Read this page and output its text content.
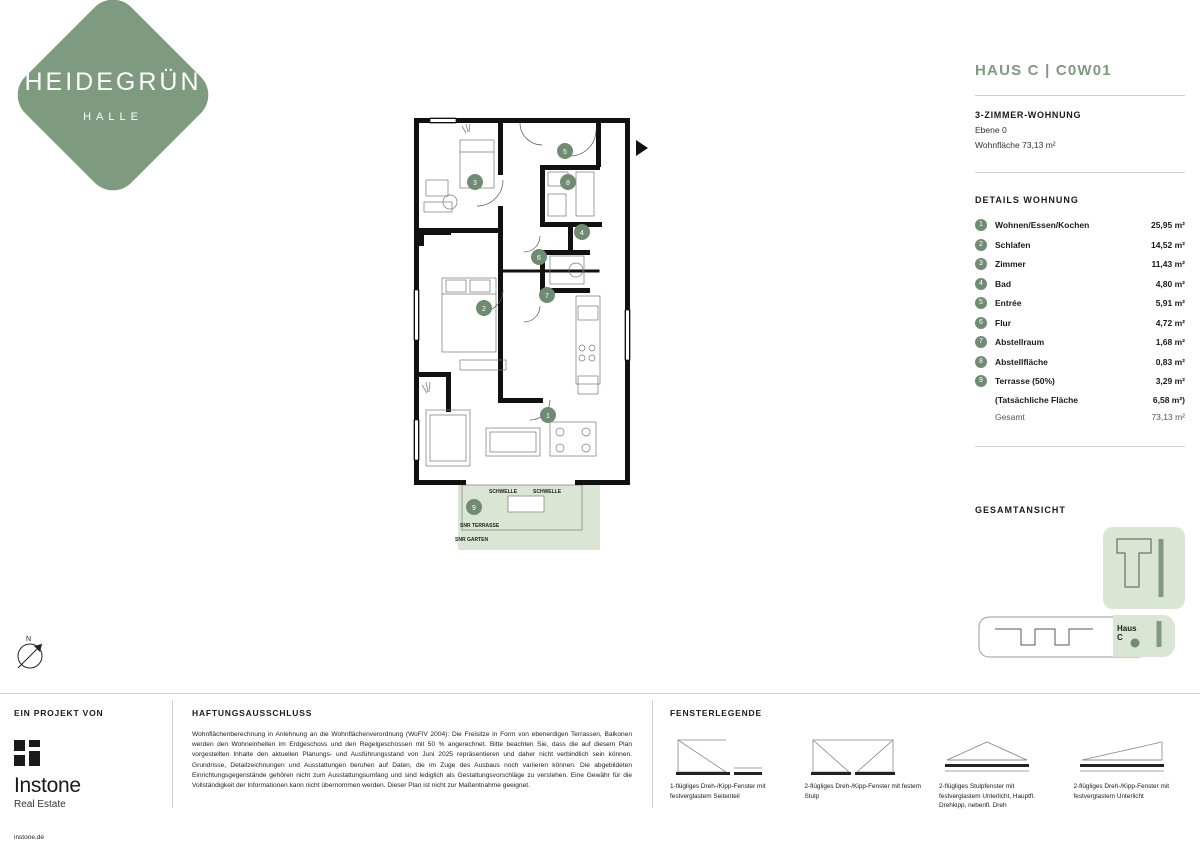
HEIDEGRÜN
HALLE
SCHWELLE	SCHWELLE
SNR TERRASSE
SNR GARTEN
1
2
3
4
5
6
7
8
9
HAUS C | C0W01
3-ZIMMER-WOHNUNG
Ebene 0
Wohnfläche 73,13 m²
DETAILS WOHNUNG
1	Wohnen/Essen/Kochen	25,95 m²
2	Schlafen	14,52 m²
3	Zimmer	11,43 m²
4	Bad	4,80 m²
5	Entrée	5,91 m²
6	Flur	4,72 m²
7	Abstellraum	1,68 m²
8	Abstellfläche	0,83 m²
9	Terrasse (50%)	3,29 m²
(Tatsächliche Fläche	6,58 m²)
Gesamt	73,13 m²
GESAMTANSICHT
Haus
C
N
EIN PROJEKT VON
Instone
Real Estate
instone.de
HAFTUNGSAUSSCHLUSS
Wohnflächenberechnung in Anlehnung an die Wohnflächenverordnung (WoFlV 2004): Die Freisitze in Form von ebenerdigen Terrassen, Balkonen werden den Wohneinheiten im Erdgeschoss und den Regelgeschossen mit 50 % angerechnet. Bitte beachten Sie, dass die auf diesem Plan vorgestellten Inhalte den aktuellen Planungs- und Ausführungsstand von Juni 2025 repräsentieren und daher nicht verbindlich sein können. Grundrisse, Detailzeichnungen und Ausstattungen beruhen auf Daten, die im Zuge des Ausbaus noch variieren können. Die abgebildeten Einrichtungsgegenstände gehören nicht zum Ausstattungsumfang und sind lediglich als Gestaltungsvorschläge zu verstehen. Eine Gewähr für die Vollständigkeit der Informationen kann nicht übernommen werden. Dieser Plan ist nicht zur Maßentnahme geeignet.
FENSTERLEGENDE
1-flügliges Dreh-/Kipp-Fenster mit festverglastem Seitenteil
2-flügliges Dreh-/Kipp-Fenster mit festem Stulp
2-flügliges Stulpfenster mit festverglastem Unterlicht, Hauptfl. Drehkipp, nebenfl. Dreh
2-flügliges Dreh-/Kipp-Fenster mit festverglastem Unterlicht
